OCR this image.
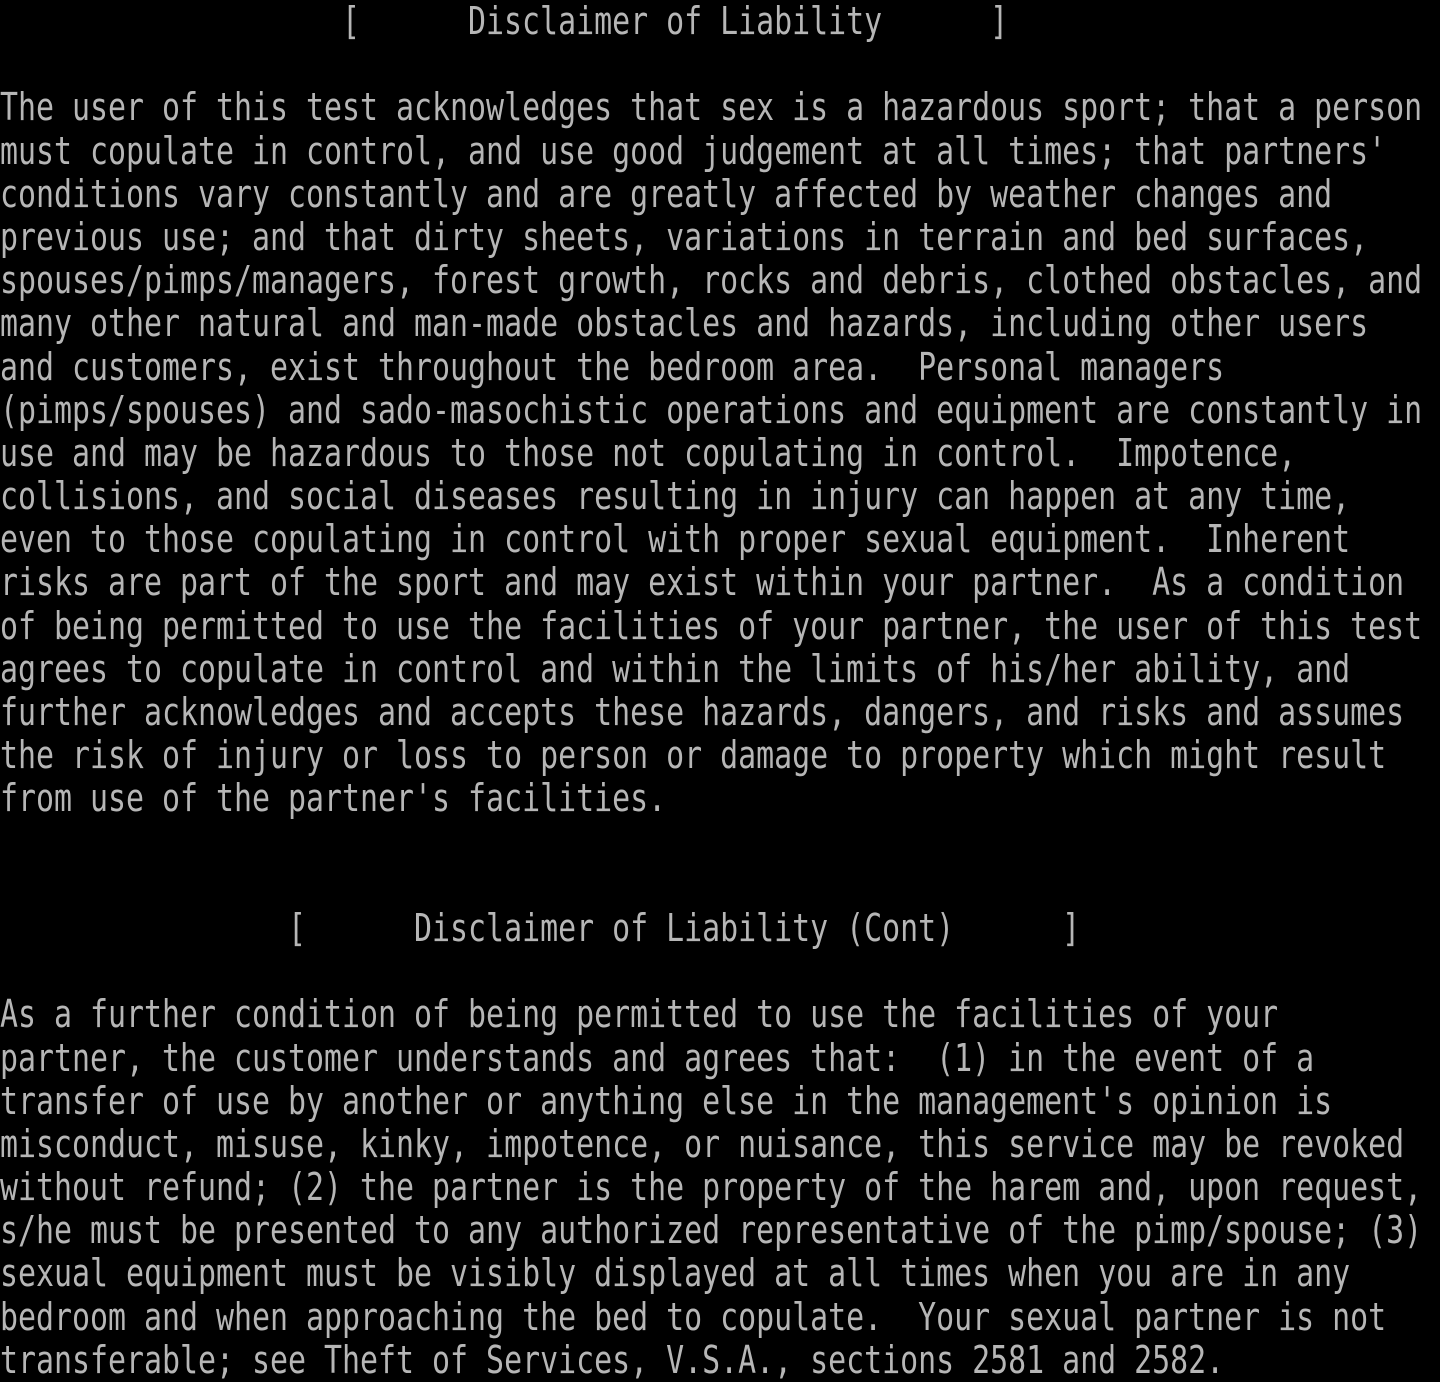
[      Disclaimer of Liability      ]
The user of this test acknowledges that sex is a hazardous sport; that a person
must copulate in control, and use good judgement at all times; that partners'
conditions vary constantly and are greatly affected by weather changes and
previous use; and that dirty sheets, variations in terrain and bed surfaces,
spouses/pimps/managers, forest growth, rocks and debris, clothed obstacles, and
many other natural and man-made obstacles and hazards, including other users
and customers, exist throughout the bedroom area.  Personal managers
(pimps/spouses) and sado-masochistic operations and equipment are constantly in
use and may be hazardous to those not copulating in control.  Impotence,
collisions, and social diseases resulting in injury can happen at any time,
even to those copulating in control with proper sexual equipment.  Inherent
risks are part of the sport and may exist within your partner.  As a condition
of being permitted to use the facilities of your partner, the user of this test
agrees to copulate in control and within the limits of his/her ability, and
further acknowledges and accepts these hazards, dangers, and risks and assumes
the risk of injury or loss to person or damage to property which might result
from use of the partner's facilities.
[      Disclaimer of Liability (Cont)      ]
As a further condition of being permitted to use the facilities of your
partner, the customer understands and agrees that:  (1) in the event of a
transfer of use by another or anything else in the management's opinion is
misconduct, misuse, kinky, impotence, or nuisance, this service may be revoked
without refund; (2) the partner is the property of the harem and, upon request,
s/he must be presented to any authorized representative of the pimp/spouse; (3)
sexual equipment must be visibly displayed at all times when you are in any
bedroom and when approaching the bed to copulate.  Your sexual partner is not
transferable; see Theft of Services, V.S.A., sections 2581 and 2582.
